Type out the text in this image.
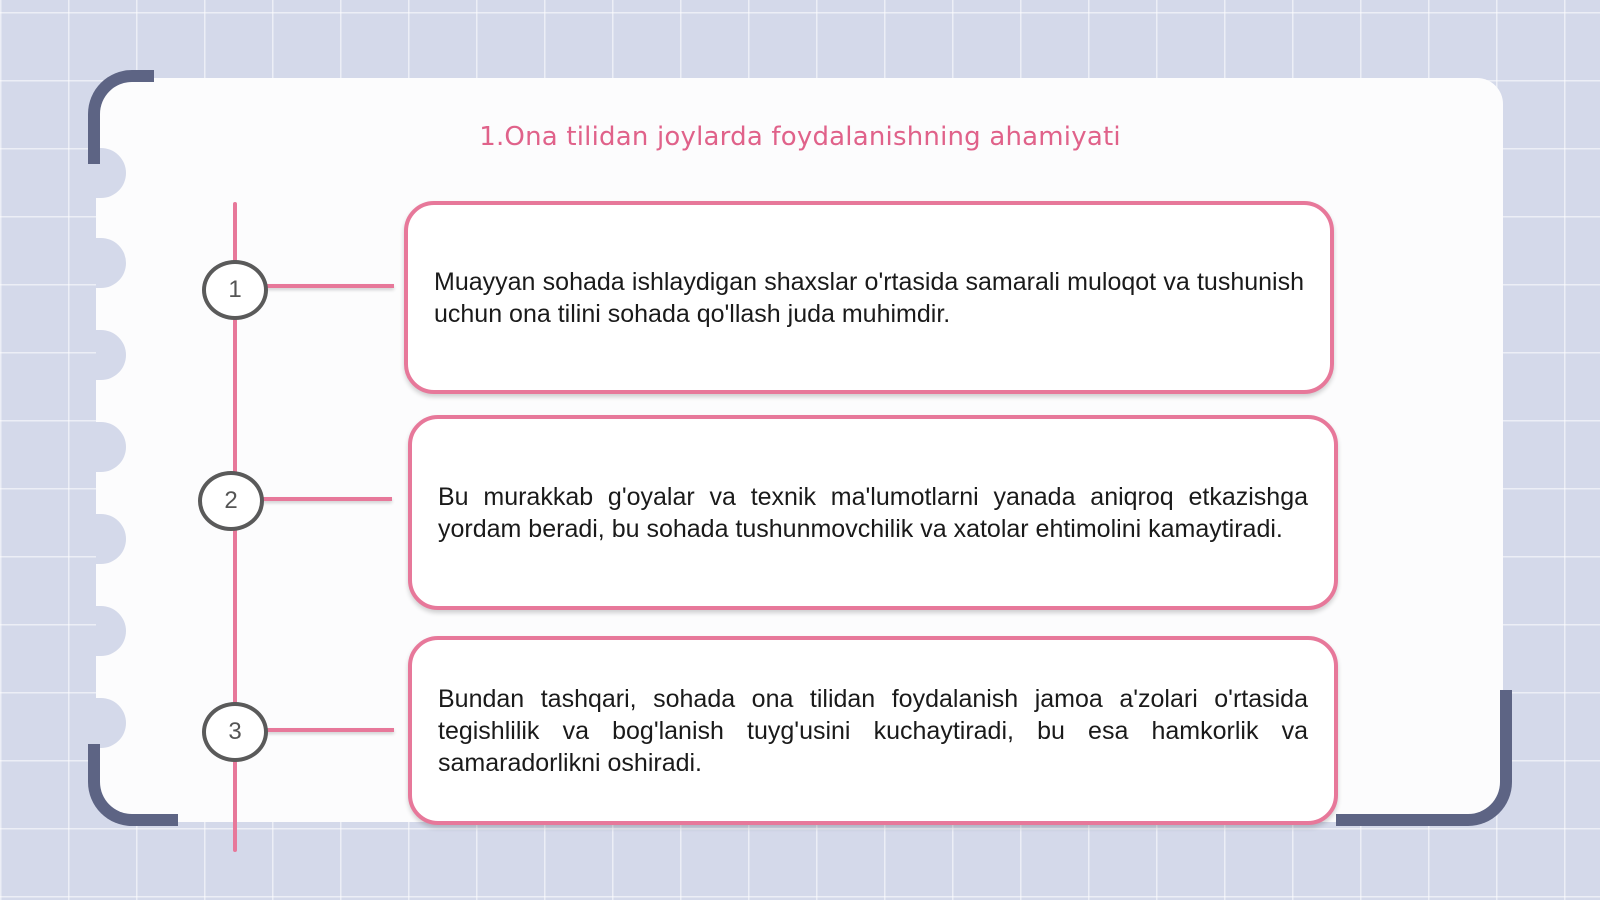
1.Ona tilidan joylarda foydalanishning ahamiyati
1
2
3

Muayyan sohada ishlaydigan shaxslar o'rtasida samarali muloqot va tushunish uchun ona tilini sohada qo'llash juda muhimdir.

Bu murakkab g'oyalar va texnik ma'lumotlarni yanada aniqroq etkazishga yordam beradi, bu sohada tushunmovchilik va xatolar ehtimolini kamaytiradi.

Bundan tashqari, sohada ona tilidan foydalanish jamoa a'zolari o'rtasida tegishlilik va bog'lanish tuyg'usini kuchaytiradi, bu esa hamkorlik va samaradorlikni oshiradi.
